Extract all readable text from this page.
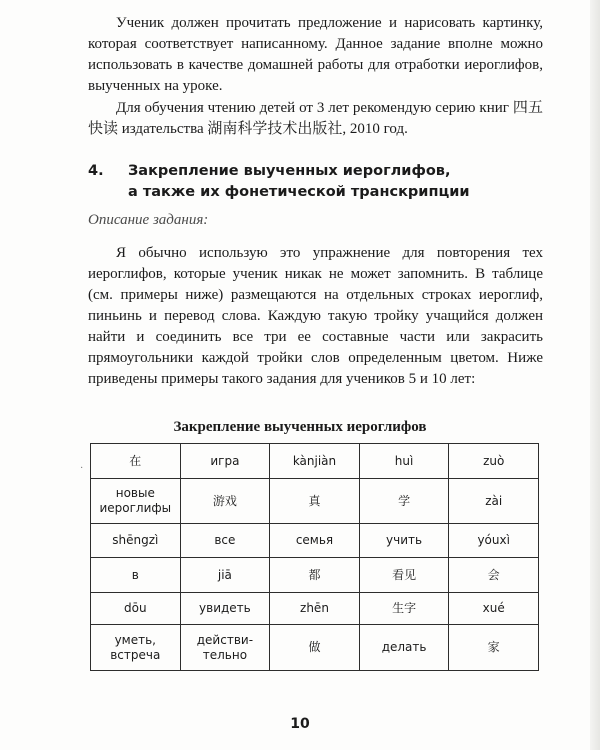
Ученик должен прочитать предложение и нарисовать картинку, которая соответствует написанному. Данное задание вполне можно использовать в качестве домашней работы для отработки иероглифов, выученных на уроке.

Для обучения чтению детей от 3 лет рекомендую серию книг 四五快读 издательства 湖南科学技术出版社, 2010 год.

4. Закрепление выученных иероглифов,
а также их фонетической транскрипции
Описание задания:

Я обычно использую это упражнение для повторения тех иероглифов, которые ученик никак не может запомнить. В таблице (см. примеры ниже) размещаются на отдельных строках иероглиф, пиньинь и перевод слова. Каждую такую тройку учащийся должен найти и соединить все три ее составные части или закрасить прямоугольники каждой тройки слов определенным цветом. Ниже приведены примеры такого задания для учеников 5 и 10 лет:

Закрепление выученных иероглифов
·
在	игра	kànjiàn	huì	zuò
новые иероглифы	游戏	真	学	zài
shēngzì	все	семья	учить	yóuxì
в	jiā	都	看见	会
dōu	увидеть	zhēn	生字	xué
уметь, встреча	действи-тельно	做	делать	家
10
